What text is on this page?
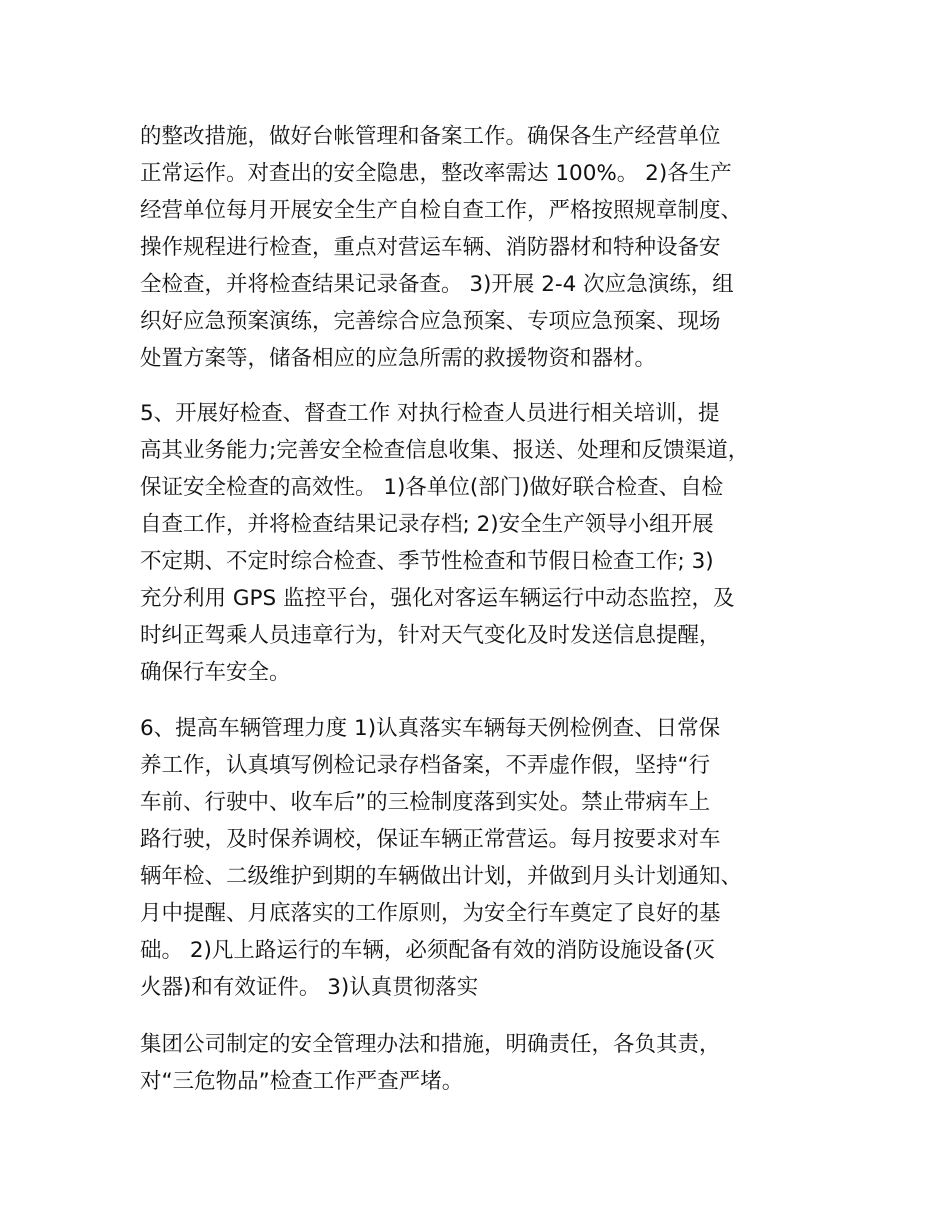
的整改措施，做好台帐管理和备案工作。确保各生产经营单位
正常运作。对查出的安全隐患，整改率需达 100%。 2)各生产
经营单位每月开展安全生产自检自查工作，严格按照规章制度、
操作规程进行检查，重点对营运车辆、消防器材和特种设备安
全检查，并将检查结果记录备查。 3)开展 2-4 次应急演练，组
织好应急预案演练，完善综合应急预案、专项应急预案、现场
处置方案等，储备相应的应急所需的救援物资和器材。
5、开展好检查、督查工作 对执行检查人员进行相关培训，提
高其业务能力;完善安全检查信息收集、报送、处理和反馈渠道，
保证安全检查的高效性。 1)各单位(部门)做好联合检查、自检
自查工作，并将检查结果记录存档; 2)安全生产领导小组开展
不定期、不定时综合检查、季节性检查和节假日检查工作; 3)
充分利用 GPS 监控平台，强化对客运车辆运行中动态监控，及
时纠正驾乘人员违章行为，针对天气变化及时发送信息提醒，
确保行车安全。
6、提高车辆管理力度 1)认真落实车辆每天例检例查、日常保
养工作，认真填写例检记录存档备案，不弄虚作假，坚持“行
车前、行驶中、收车后”的三检制度落到实处。禁止带病车上
路行驶，及时保养调校，保证车辆正常营运。每月按要求对车
辆年检、二级维护到期的车辆做出计划，并做到月头计划通知、
月中提醒、月底落实的工作原则，为安全行车奠定了良好的基
础。 2)凡上路运行的车辆，必须配备有效的消防设施设备(灭
火器)和有效证件。 3)认真贯彻落实
集团公司制定的安全管理办法和措施，明确责任，各负其责，
对“三危物品”检查工作严查严堵。
